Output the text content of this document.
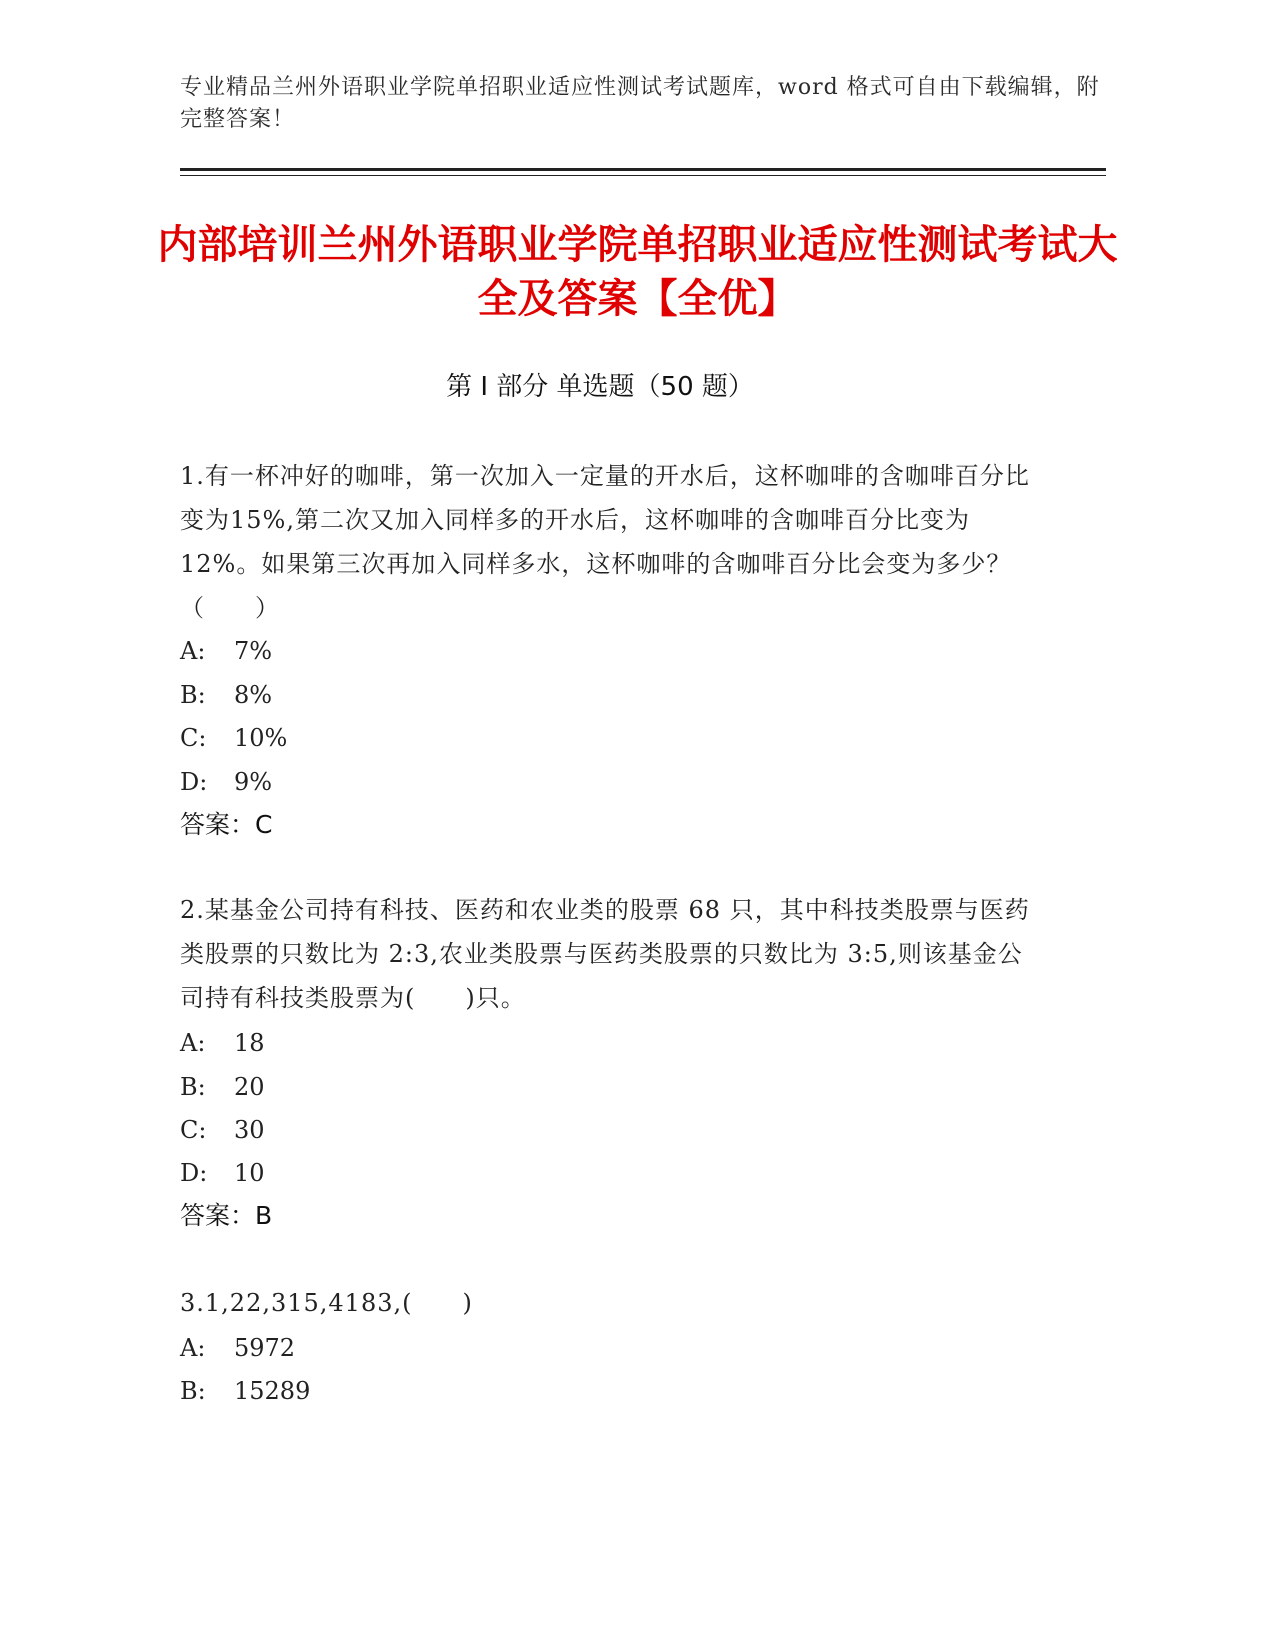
专业精品兰州外语职业学院单招职业适应性测试考试题库，word 格式可自由下载编辑，附完整答案！
内部培训兰州外语职业学院单招职业适应性测试考试大全及答案【全优】
第 I 部分 单选题（50 题）
1.有一杯冲好的咖啡，第一次加入一定量的开水后，这杯咖啡的含咖啡百分比 变为15%,第二次又加入同样多的开水后，这杯咖啡的含咖啡百分比变为 12%。如果第三次再加入同样多水，这杯咖啡的含咖啡百分比会变为多少？（　　）
A: 7%
B: 8%
C: 10%
D: 9%
答案：C
2.某基金公司持有科技、医药和农业类的股票 68 只，其中科技类股票与医药 类股票的只数比为 2:3,农业类股票与医药类股票的只数比为 3:5,则该基金公司持有科技类股票为(　　)只。
A: 18
B: 20
C: 30
D: 10
答案：B
3.1,22,315,4183,(　　)
A: 5972
B: 15289
